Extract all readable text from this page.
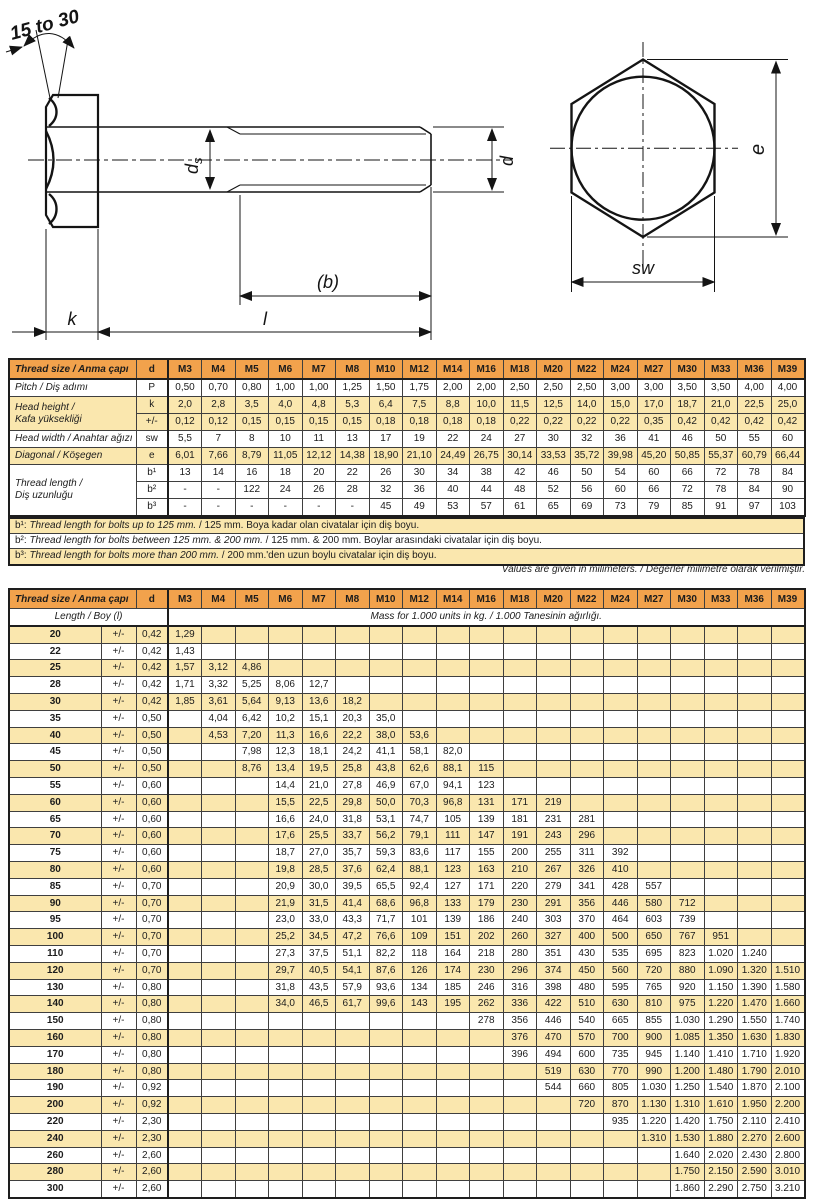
15 to 30
$d_s$	d
(b)
l
k
e
sw
Thread size / Anma çapı	d	M3	M4	M5	M6	M7	M8	M10	M12	M14	M16	M18	M20	M22	M24	M27	M30	M33	M36	M39

Pitch / Diş adımı	P	0,50	0,70	0,80	1,00	1,00	1,25	1,50	1,75	2,00	2,00	2,50	2,50	2,50	3,00	3,00	3,50	3,50	4,00	4,00

Head height /
Kafa yüksekliği	k	2,0	2,8	3,5	4,0	4,8	5,3	6,4	7,5	8,8	10,0	11,5	12,5	14,0	15,0	17,0	18,7	21,0	22,5	25,0
	+/-	0,12	0,12	0,15	0,15	0,15	0,15	0,18	0,18	0,18	0,18	0,22	0,22	0,22	0,22	0,35	0,42	0,42	0,42	0,42

Head width / Anahtar ağızı	sw	5,5	7	8	10	11	13	17	19	22	24	27	30	32	36	41	46	50	55	60

Diagonal / Köşegen	e	6,01	7,66	8,79	11,05	12,12	14,38	18,90	21,10	24,49	26,75	30,14	33,53	35,72	39,98	45,20	50,85	55,37	60,79	66,44

Thread length /
Diş uzunluğu	b¹	13	14	16	18	20	22	26	30	34	38	42	46	50	54	60	66	72	78	84
	b²	-	-	122	24	26	28	32	36	40	44	48	52	56	60	66	72	78	84	90
	b³	-	-	-	-	-	-	45	49	53	57	61	65	69	73	79	85	91	97	103
b¹: Thread length for bolts up to 125 mm. / 125 mm. Boya kadar olan civatalar için diş boyu.
b²: Thread length for bolts between 125 mm. & 200 mm. / 125 mm. & 200 mm. Boylar arasındaki civatalar için diş boyu.
b³: Thread length for bolts more than 200 mm. / 200 mm.'den uzun boylu civatalar için diş boyu.
Values are given in milimeters. / Değerler milimetre olarak verilmiştir.
Thread size / Anma çapı		d	M3	M4	M5	M6	M7	M8	M10	M12	M14	M16	M18	M20	M22	M24	M27	M30	M33	M36	M39
Length / Boy (l)			Mass for 1.000 units in kg. / 1.000 Tanesinin ağırlığı.																		
20	+/-	0,42	1,29																		
22	+/-	0,42	1,43																		
25	+/-	0,42	1,57	3,12	4,86																
28	+/-	0,42	1,71	3,32	5,25	8,06	12,7														
30	+/-	0,42	1,85	3,61	5,64	9,13	13,6	18,2													
35	+/-	0,50		4,04	6,42	10,2	15,1	20,3	35,0												
40	+/-	0,50		4,53	7,20	11,3	16,6	22,2	38,0	53,6											
45	+/-	0,50			7,98	12,3	18,1	24,2	41,1	58,1	82,0										
50	+/-	0,50			8,76	13,4	19,5	25,8	43,8	62,6	88,1	115									
55	+/-	0,60				14,4	21,0	27,8	46,9	67,0	94,1	123									
60	+/-	0,60				15,5	22,5	29,8	50,0	70,3	96,8	131	171	219							
65	+/-	0,60				16,6	24,0	31,8	53,1	74,7	105	139	181	231	281						
70	+/-	0,60				17,6	25,5	33,7	56,2	79,1	111	147	191	243	296						
75	+/-	0,60				18,7	27,0	35,7	59,3	83,6	117	155	200	255	311	392					
80	+/-	0,60				19,8	28,5	37,6	62,4	88,1	123	163	210	267	326	410					
85	+/-	0,70				20,9	30,0	39,5	65,5	92,4	127	171	220	279	341	428	557				
90	+/-	0,70				21,9	31,5	41,4	68,6	96,8	133	179	230	291	356	446	580	712			
95	+/-	0,70				23,0	33,0	43,3	71,7	101	139	186	240	303	370	464	603	739			
100	+/-	0,70				25,2	34,5	47,2	76,6	109	151	202	260	327	400	500	650	767	951		
110	+/-	0,70				27,3	37,5	51,1	82,2	118	164	218	280	351	430	535	695	823	1.020	1.240	
120	+/-	0,70				29,7	40,5	54,1	87,6	126	174	230	296	374	450	560	720	880	1.090	1.320	1.510
130	+/-	0,80				31,8	43,5	57,9	93,6	134	185	246	316	398	480	595	765	920	1.150	1.390	1.580
140	+/-	0,80				34,0	46,5	61,7	99,6	143	195	262	336	422	510	630	810	975	1.220	1.470	1.660
150	+/-	0,80										278	356	446	540	665	855	1.030	1.290	1.550	1.740
160	+/-	0,80											376	470	570	700	900	1.085	1.350	1.630	1.830
170	+/-	0,80											396	494	600	735	945	1.140	1.410	1.710	1.920
180	+/-	0,80												519	630	770	990	1.200	1.480	1.790	2.010
190	+/-	0,92												544	660	805	1.030	1.250	1.540	1.870	2.100
200	+/-	0,92													720	870	1.130	1.310	1.610	1.950	2.200
220	+/-	2,30														935	1.220	1.420	1.750	2.110	2.410
240	+/-	2,30															1.310	1.530	1.880	2.270	2.600
260	+/-	2,60																1.640	2.020	2.430	2.800
280	+/-	2,60																1.750	2.150	2.590	3.010
300	+/-	2,60																1.860	2.290	2.750	3.210
